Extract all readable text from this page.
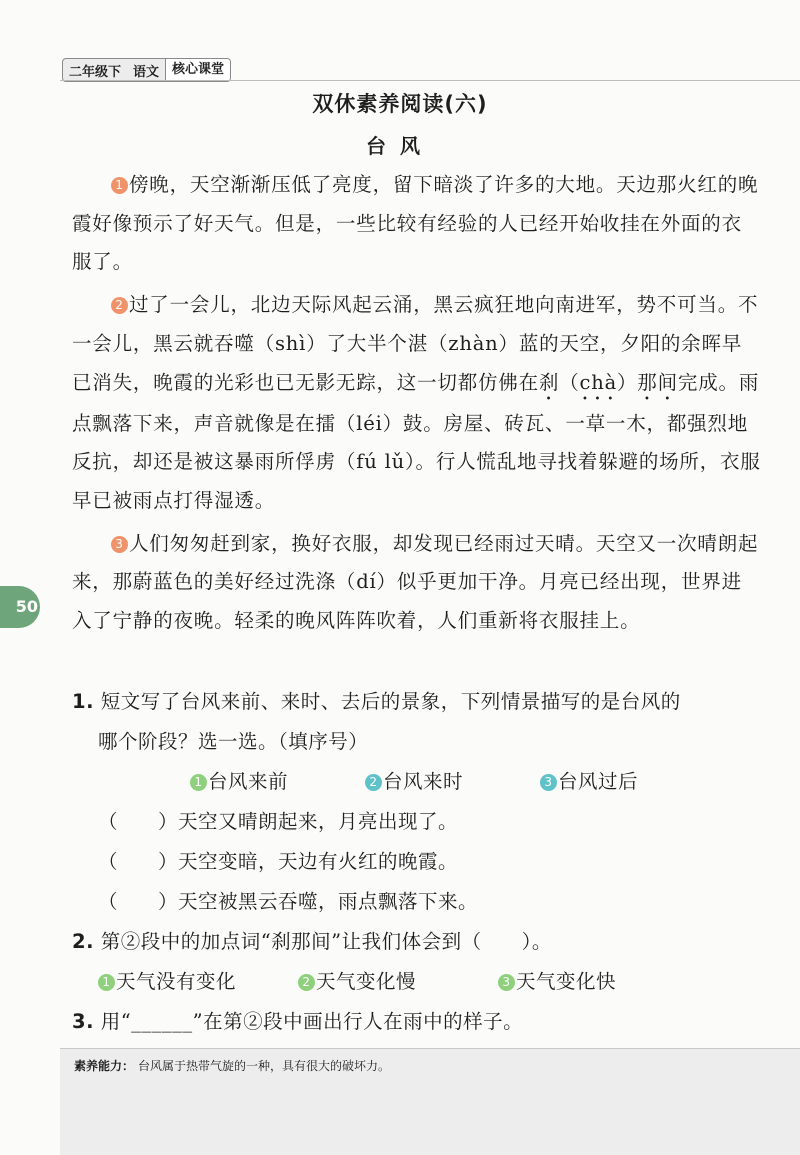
二年级下 语文	核心课堂
双休素养阅读(六)
台风

1 傍晚，天空渐渐压低了亮度，留下暗淡了许多的大地。天边那火红的晚霞好像预示了好天气。但是，一些比较有经验的人已经开始收挂在外面的衣服了。

2 过了一会儿，北边天际风起云涌，黑云疯狂地向南进军，势不可当。不一会儿，黑云就吞噬（shì）了大半个湛（zhàn）蓝的天空，夕阳的余晖早已消失，晚霞的光彩也已无影无踪，这一切都仿佛在刹（chà）那间完成。雨点飘落下来，声音就像是在擂（léi）鼓。房屋、砖瓦、一草一木，都强烈地反抗，却还是被这暴雨所俘虏（fú lǔ）。行人慌乱地寻找着躲避的场所，衣服早已被雨点打得湿透。

3 人们匆匆赶到家，换好衣服，却发现已经雨过天晴。天空又一次晴朗起来，那蔚蓝色的美好经过洗涤（dí）似乎更加干净。月亮已经出现，世界进入了宁静的夜晚。轻柔的晚风阵阵吹着，人们重新将衣服挂上。

1. 短文写了台风来前、来时、去后的景象，下列情景描写的是台风的
哪个阶段？选一选。（填序号）
1 台风来前	2 台风来时	3 台风过后
（　　）天空又晴朗起来，月亮出现了。
（　　）天空变暗，天边有火红的晚霞。
（　　）天空被黑云吞噬，雨点飘落下来。
2. 第②段中的加点词“刹那间”让我们体会到（　　）。
1 天气没有变化	2 天气变化慢	3 天气变化快
3. 用“______”在第②段中画出行人在雨中的样子。
50
素养能力： 台风属于热带气旋的一种，具有很大的破坏力。
